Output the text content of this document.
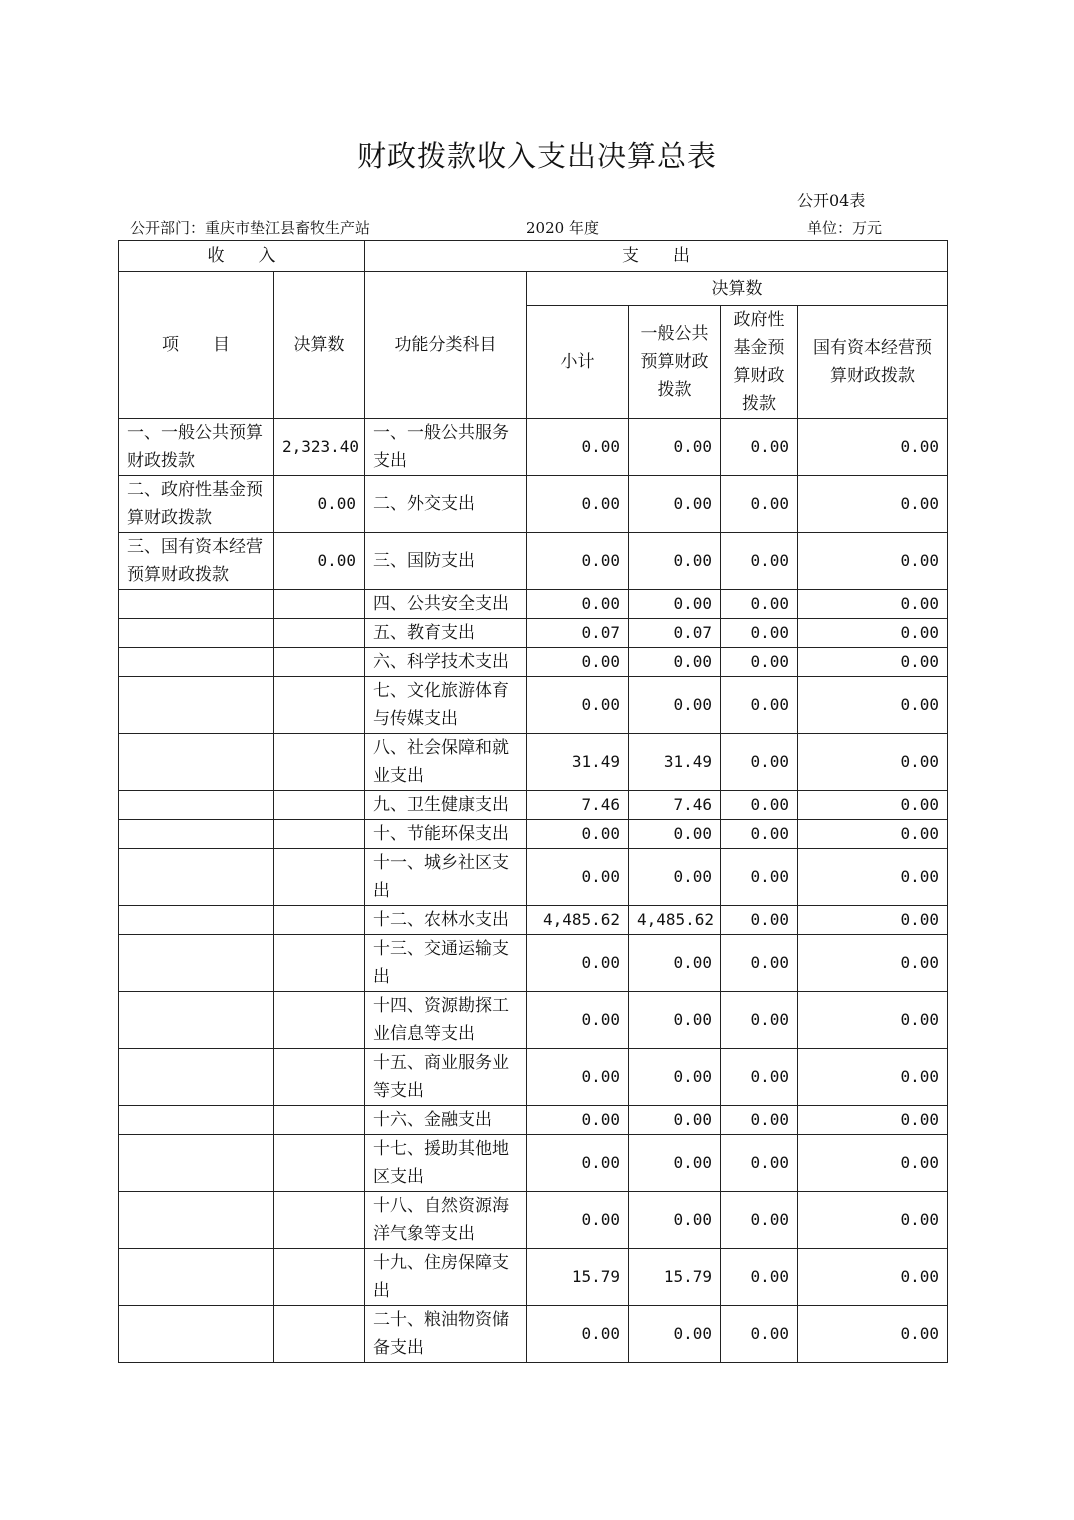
财政拨款收入支出决算总表
公开04表
公开部门：重庆市垫江县畜牧生产站	2020 年度	单位：万元
收　　入		支　　出				
项　　目	决算数	功能分类科目	决算数			
			小计	一般公共预算财政拨款	政府性基金预算财政拨款	国有资本经营预算财政拨款
一、一般公共预算财政拨款	2,323.40	一、一般公共服务支出	0.00	0.00	0.00	0.00
二、政府性基金预算财政拨款	0.00	二、外交支出	0.00	0.00	0.00	0.00
三、国有资本经营预算财政拨款	0.00	三、国防支出	0.00	0.00	0.00	0.00
		四、公共安全支出	0.00	0.00	0.00	0.00
		五、教育支出	0.07	0.07	0.00	0.00
		六、科学技术支出	0.00	0.00	0.00	0.00
		七、文化旅游体育与传媒支出	0.00	0.00	0.00	0.00
		八、社会保障和就业支出	31.49	31.49	0.00	0.00
		九、卫生健康支出	7.46	7.46	0.00	0.00
		十、节能环保支出	0.00	0.00	0.00	0.00
		十一、城乡社区支出	0.00	0.00	0.00	0.00
		十二、农林水支出	4,485.62	4,485.62	0.00	0.00
		十三、交通运输支出	0.00	0.00	0.00	0.00
		十四、资源勘探工业信息等支出	0.00	0.00	0.00	0.00
		十五、商业服务业等支出	0.00	0.00	0.00	0.00
		十六、金融支出	0.00	0.00	0.00	0.00
		十七、援助其他地区支出	0.00	0.00	0.00	0.00
		十八、自然资源海洋气象等支出	0.00	0.00	0.00	0.00
		十九、住房保障支出	15.79	15.79	0.00	0.00
		二十、粮油物资储备支出	0.00	0.00	0.00	0.00
